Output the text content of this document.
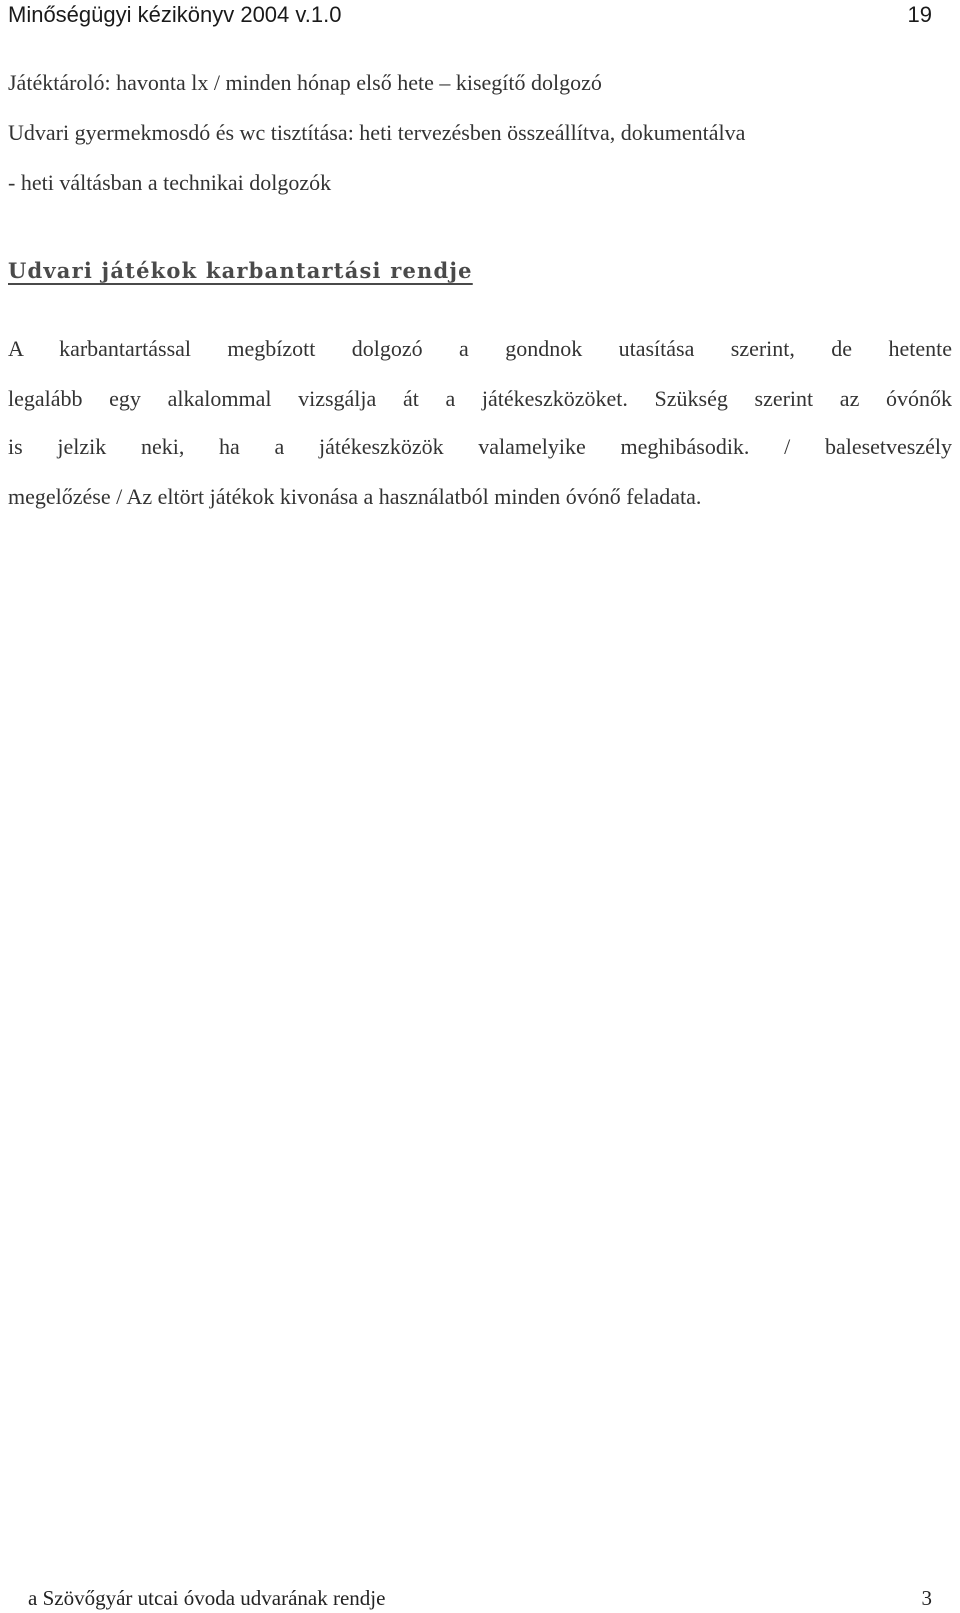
Minőségügyi kézikönyv 2004 v.1.0	19
Játéktároló: havonta lx / minden hónap első hete – kisegítő dolgozó
Udvari gyermekmosdó és wc tisztítása: heti tervezésben összeállítva, dokumentálva
- heti váltásban a technikai dolgozók
Udvari játékok karbantartási rendje
A karbantartással megbízott dolgozó a gondnok utasítása szerint, de hetente
legalább egy alkalommal vizsgálja át a játékeszközöket. Szükség szerint az óvónők
is jelzik neki, ha a játékeszközök valamelyike meghibásodik. / balesetveszély
megelőzése / Az eltört játékok kivonása a használatból minden óvónő feladata.
a Szövőgyár utcai óvoda udvarának rendje	3
